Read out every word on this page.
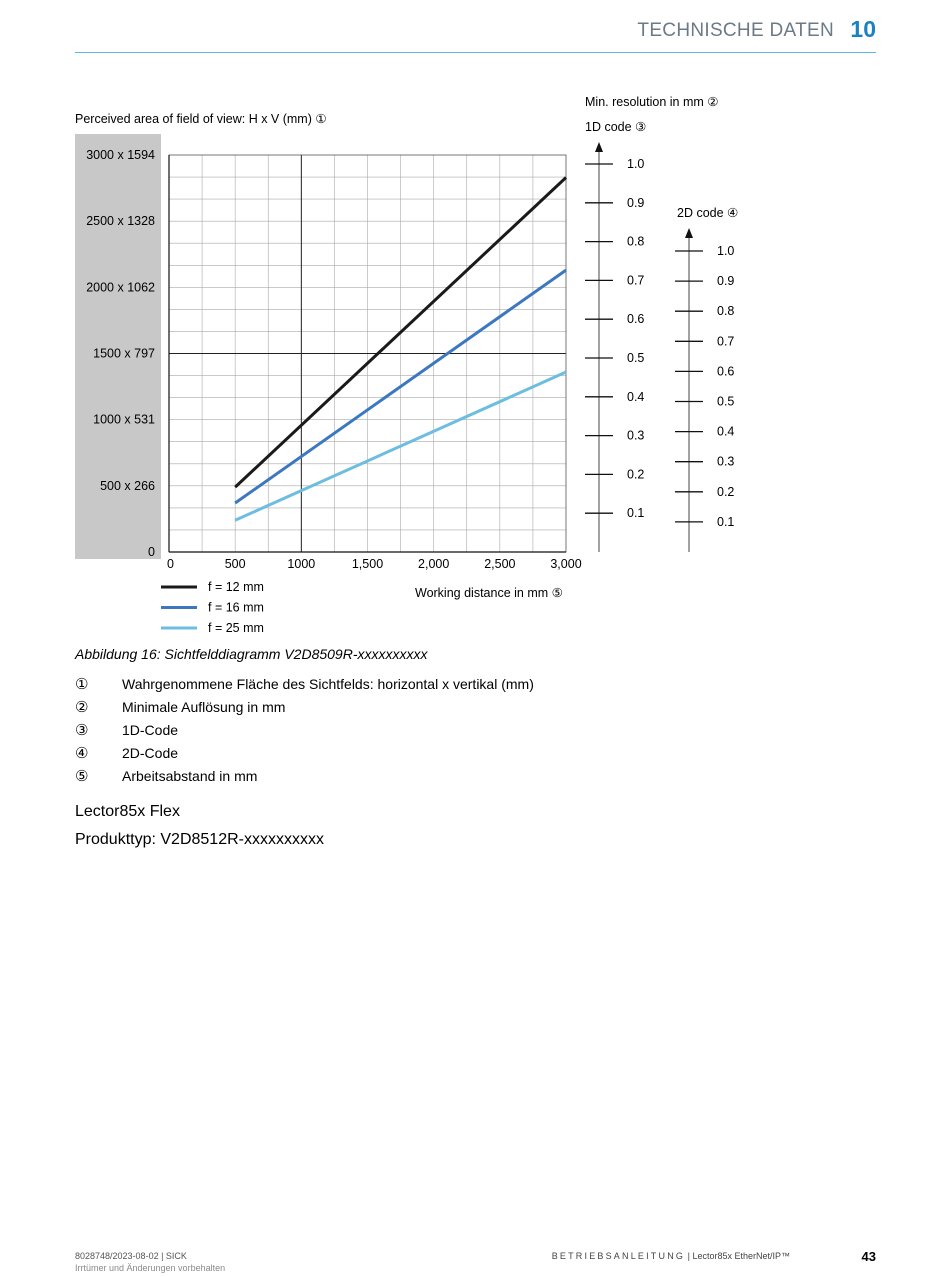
TECHNISCHE DATEN 10
Perceived area of field of view: H x V (mm) ①
Min. resolution in mm ②
1D code ③
2D code ④
Working distance in mm ⑤
0	500	1000	1,500	2,000	2,500	3,000
0
500 x 266
1000 x 531
1500 x 797
2000 x 1062
2500 x 1328
3000 x 1594
1.0
0.9
0.8
0.7
0.6
0.5
0.4
0.3
0.2
0.1
1.0
0.9
0.8
0.7
0.6
0.5
0.4
0.3
0.2
0.1
f = 12 mm
f = 16 mm
f = 25 mm
Abbildung 16: Sichtfelddiagramm V2D8509R-xxxxxxxxxx
①	Wahrgenommene Fläche des Sichtfelds: horizontal x vertikal (mm)
②	Minimale Auflösung in mm
③	1D-Code
④	2D-Code
⑤	Arbeitsabstand in mm
Lector85x Flex
Produkttyp: V2D8512R-xxxxxxxxxx
8028748/2023-08-02 | SICK
Irrtümer und Änderungen vorbehalten
BETRIEBSANLEITUNG | Lector85x EtherNet/IP™	43
